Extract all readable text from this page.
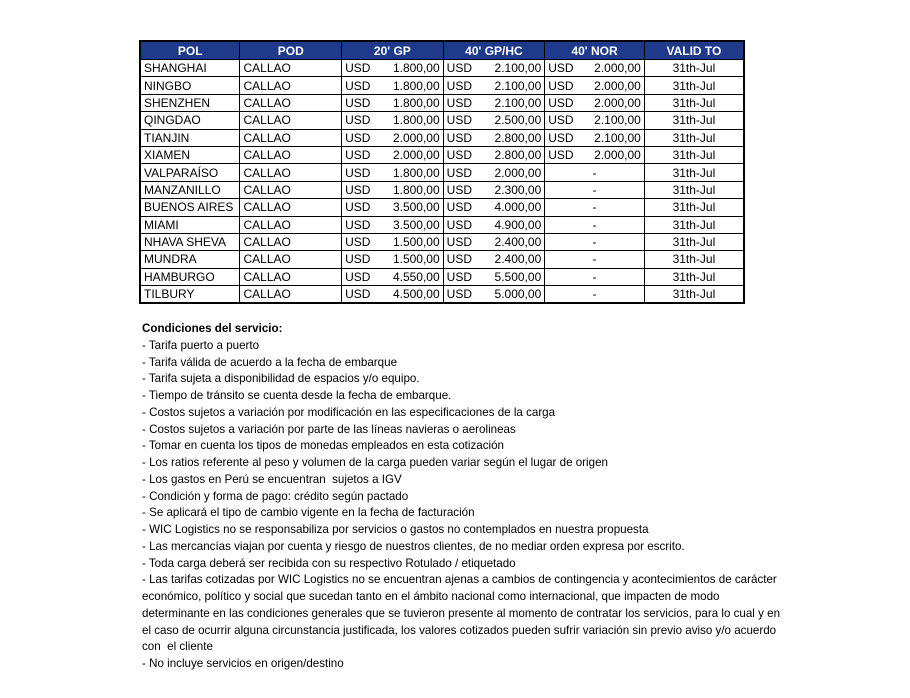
POL	POD	20' GP	40' GP/HC	40' NOR	VALID TO
SHANGHAI	CALLAO	USD 1.800,00	USD 2.100,00	USD 2.000,00	31th-Jul
NINGBO	CALLAO	USD 1.800,00	USD 2.100,00	USD 2.000,00	31th-Jul
SHENZHEN	CALLAO	USD 1.800,00	USD 2.100,00	USD 2.000,00	31th-Jul
QINGDAO	CALLAO	USD 1.800,00	USD 2.500,00	USD 2.100,00	31th-Jul
TIANJIN	CALLAO	USD 2.000,00	USD 2.800,00	USD 2.100,00	31th-Jul
XIAMEN	CALLAO	USD 2.000,00	USD 2.800,00	USD 2.000,00	31th-Jul
VALPARAÍSO	CALLAO	USD 1.800,00	USD 2.000,00	-	31th-Jul
MANZANILLO	CALLAO	USD 1.800,00	USD 2.300,00	-	31th-Jul
BUENOS AIRES	CALLAO	USD 3.500,00	USD 4.000,00	-	31th-Jul
MIAMI	CALLAO	USD 3.500,00	USD 4.900,00	-	31th-Jul
NHAVA SHEVA	CALLAO	USD 1.500,00	USD 2.400,00	-	31th-Jul
MUNDRA	CALLAO	USD 1.500,00	USD 2.400,00	-	31th-Jul
HAMBURGO	CALLAO	USD 4.550,00	USD 5.500,00	-	31th-Jul
TILBURY	CALLAO	USD 4.500,00	USD 5.000,00	-	31th-Jul
Condiciones del servicio:
- Tarifa puerto a puerto
- Tarifa válida de acuerdo a la fecha de embarque
- Tarifa sujeta a disponibilidad de espacios y/o equipo.
- Tiempo de tránsito se cuenta desde la fecha de embarque.
- Costos sujetos a variación por modificación en las especificaciones de la carga
- Costos sujetos a variación por parte de las líneas navieras o aerolineas
- Tomar en cuenta los tipos de monedas empleados en esta cotización
- Los ratios referente al peso y volumen de la carga pueden variar según el lugar de origen
- Los gastos en Perú se encuentran  sujetos a IGV
- Condición y forma de pago: crédito según pactado
- Se aplicará el tipo de cambio vigente en la fecha de facturación
- WIC Logistics no se responsabiliza por servicios o gastos no contemplados en nuestra propuesta
- Las mercancías viajan por cuenta y riesgo de nuestros clientes, de no mediar orden expresa por escrito.
- Toda carga deberá ser recibida con su respectivo Rotulado / etiquetado
- Las tarifas cotizadas por WIC Logistics no se encuentran ajenas a cambios de contingencia y acontecimientos de carácter económico, político y social que sucedan tanto en el ámbito nacional como internacional, que impacten de modo determinante en las condiciones generales que se tuvieron presente al momento de contratar los servicios, para lo cual y en el caso de ocurrir alguna circunstancia justificada, los valores cotizados pueden sufrir variación sin previo aviso y/o acuerdo con  el cliente
- No incluye servicios en origen/destino
